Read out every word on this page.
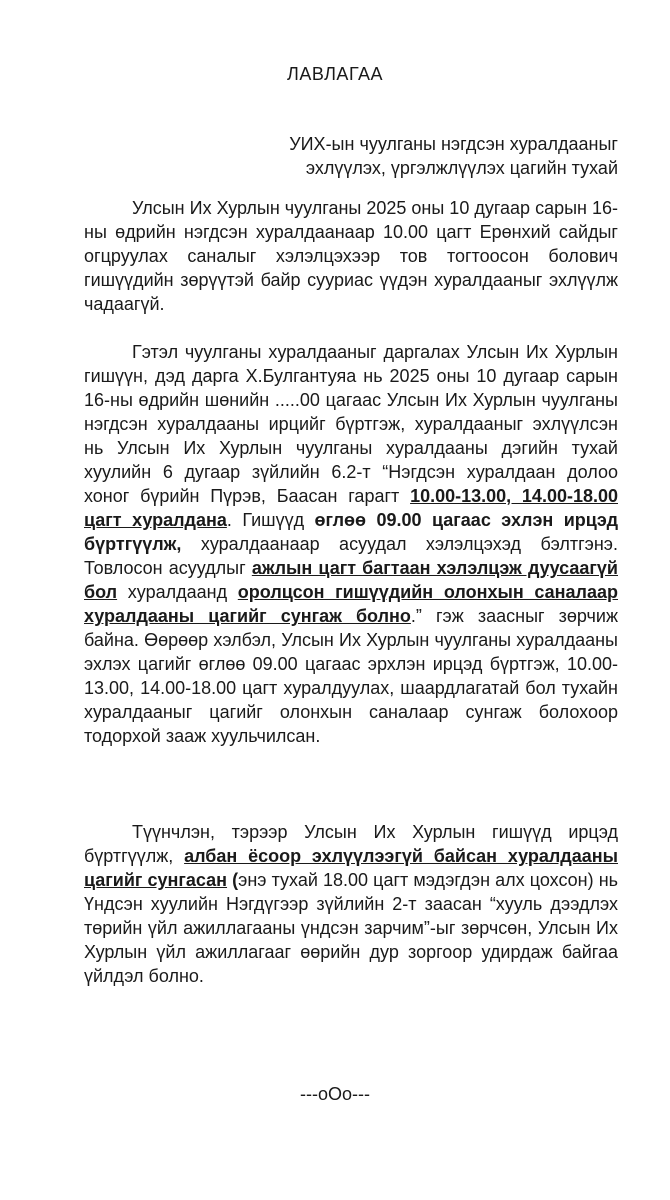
ЛАВЛАГАА
УИХ-ын чуулганы нэгдсэн хуралдааныг
эхлүүлэх, үргэлжлүүлэх цагийн тухай

Улсын Их Хурлын чуулганы 2025 оны 10 дугаар сарын 16-ны өдрийн нэгдсэн хуралдаанаар 10.00 цагт Ерөнхий сайдыг огцруулах саналыг хэлэлцэхээр тов тогтоосон болович гишүүдийн зөрүүтэй байр сууриас үүдэн хуралдааныг эхлүүлж чадаагүй.

Гэтэл чуулганы хуралдааныг даргалах Улсын Их Хурлын гишүүн, дэд дарга Х.Булгантуяа нь 2025 оны 10 дугаар сарын 16-ны өдрийн шөнийн .....00 цагаас Улсын Их Хурлын чуулганы нэгдсэн хуралдааны ирцийг бүртгэж, хуралдааныг эхлүүлсэн нь Улсын Их Хурлын чуулганы хуралдааны дэгийн тухай хуулийн 6 дугаар зүйлийн 6.2-т “Нэгдсэн хуралдаан долоо хоног бүрийн Пүрэв, Баасан гарагт 10.00-13.00, 14.00-18.00 цагт хуралдана. Гишүүд өглөө 09.00 цагаас эхлэн ирцэд бүртгүүлж, хуралдаанаар асуудал хэлэлцэхэд бэлтгэнэ. Товлосон асуудлыг ажлын цагт багтаан хэлэлцэж дуусаагүй бол хуралдаанд оролцсон гишүүдийн олонхын саналаар хуралдааны цагийг сунгаж болно.” гэж заасныг зөрчиж байна. Өөрөөр хэлбэл, Улсын Их Хурлын чуулганы хуралдааны эхлэх цагийг өглөө 09.00 цагаас эрхлэн ирцэд бүртгэж, 10.00-13.00, 14.00-18.00 цагт хуралдуулах, шаардлагатай бол тухайн хуралдааныг цагийг олонхын саналаар сунгаж болохоор тодорхой зааж хуульчилсан.

Түүнчлэн, тэрээр Улсын Их Хурлын гишүүд ирцэд бүртгүүлж, албан ёсоор эхлүүлээгүй байсан хуралдааны цагийг сунгасан (энэ тухай 18.00 цагт мэдэгдэн алх цохсон) нь Үндсэн хуулийн Нэгдүгээр зүйлийн 2-т заасан “хууль дээдлэх төрийн үйл ажиллагааны үндсэн зарчим”-ыг зөрчсөн, Улсын Их Хурлын үйл ажиллагааг өөрийн дур зоргоор удирдаж байгаа үйлдэл болно.

---оОо---
